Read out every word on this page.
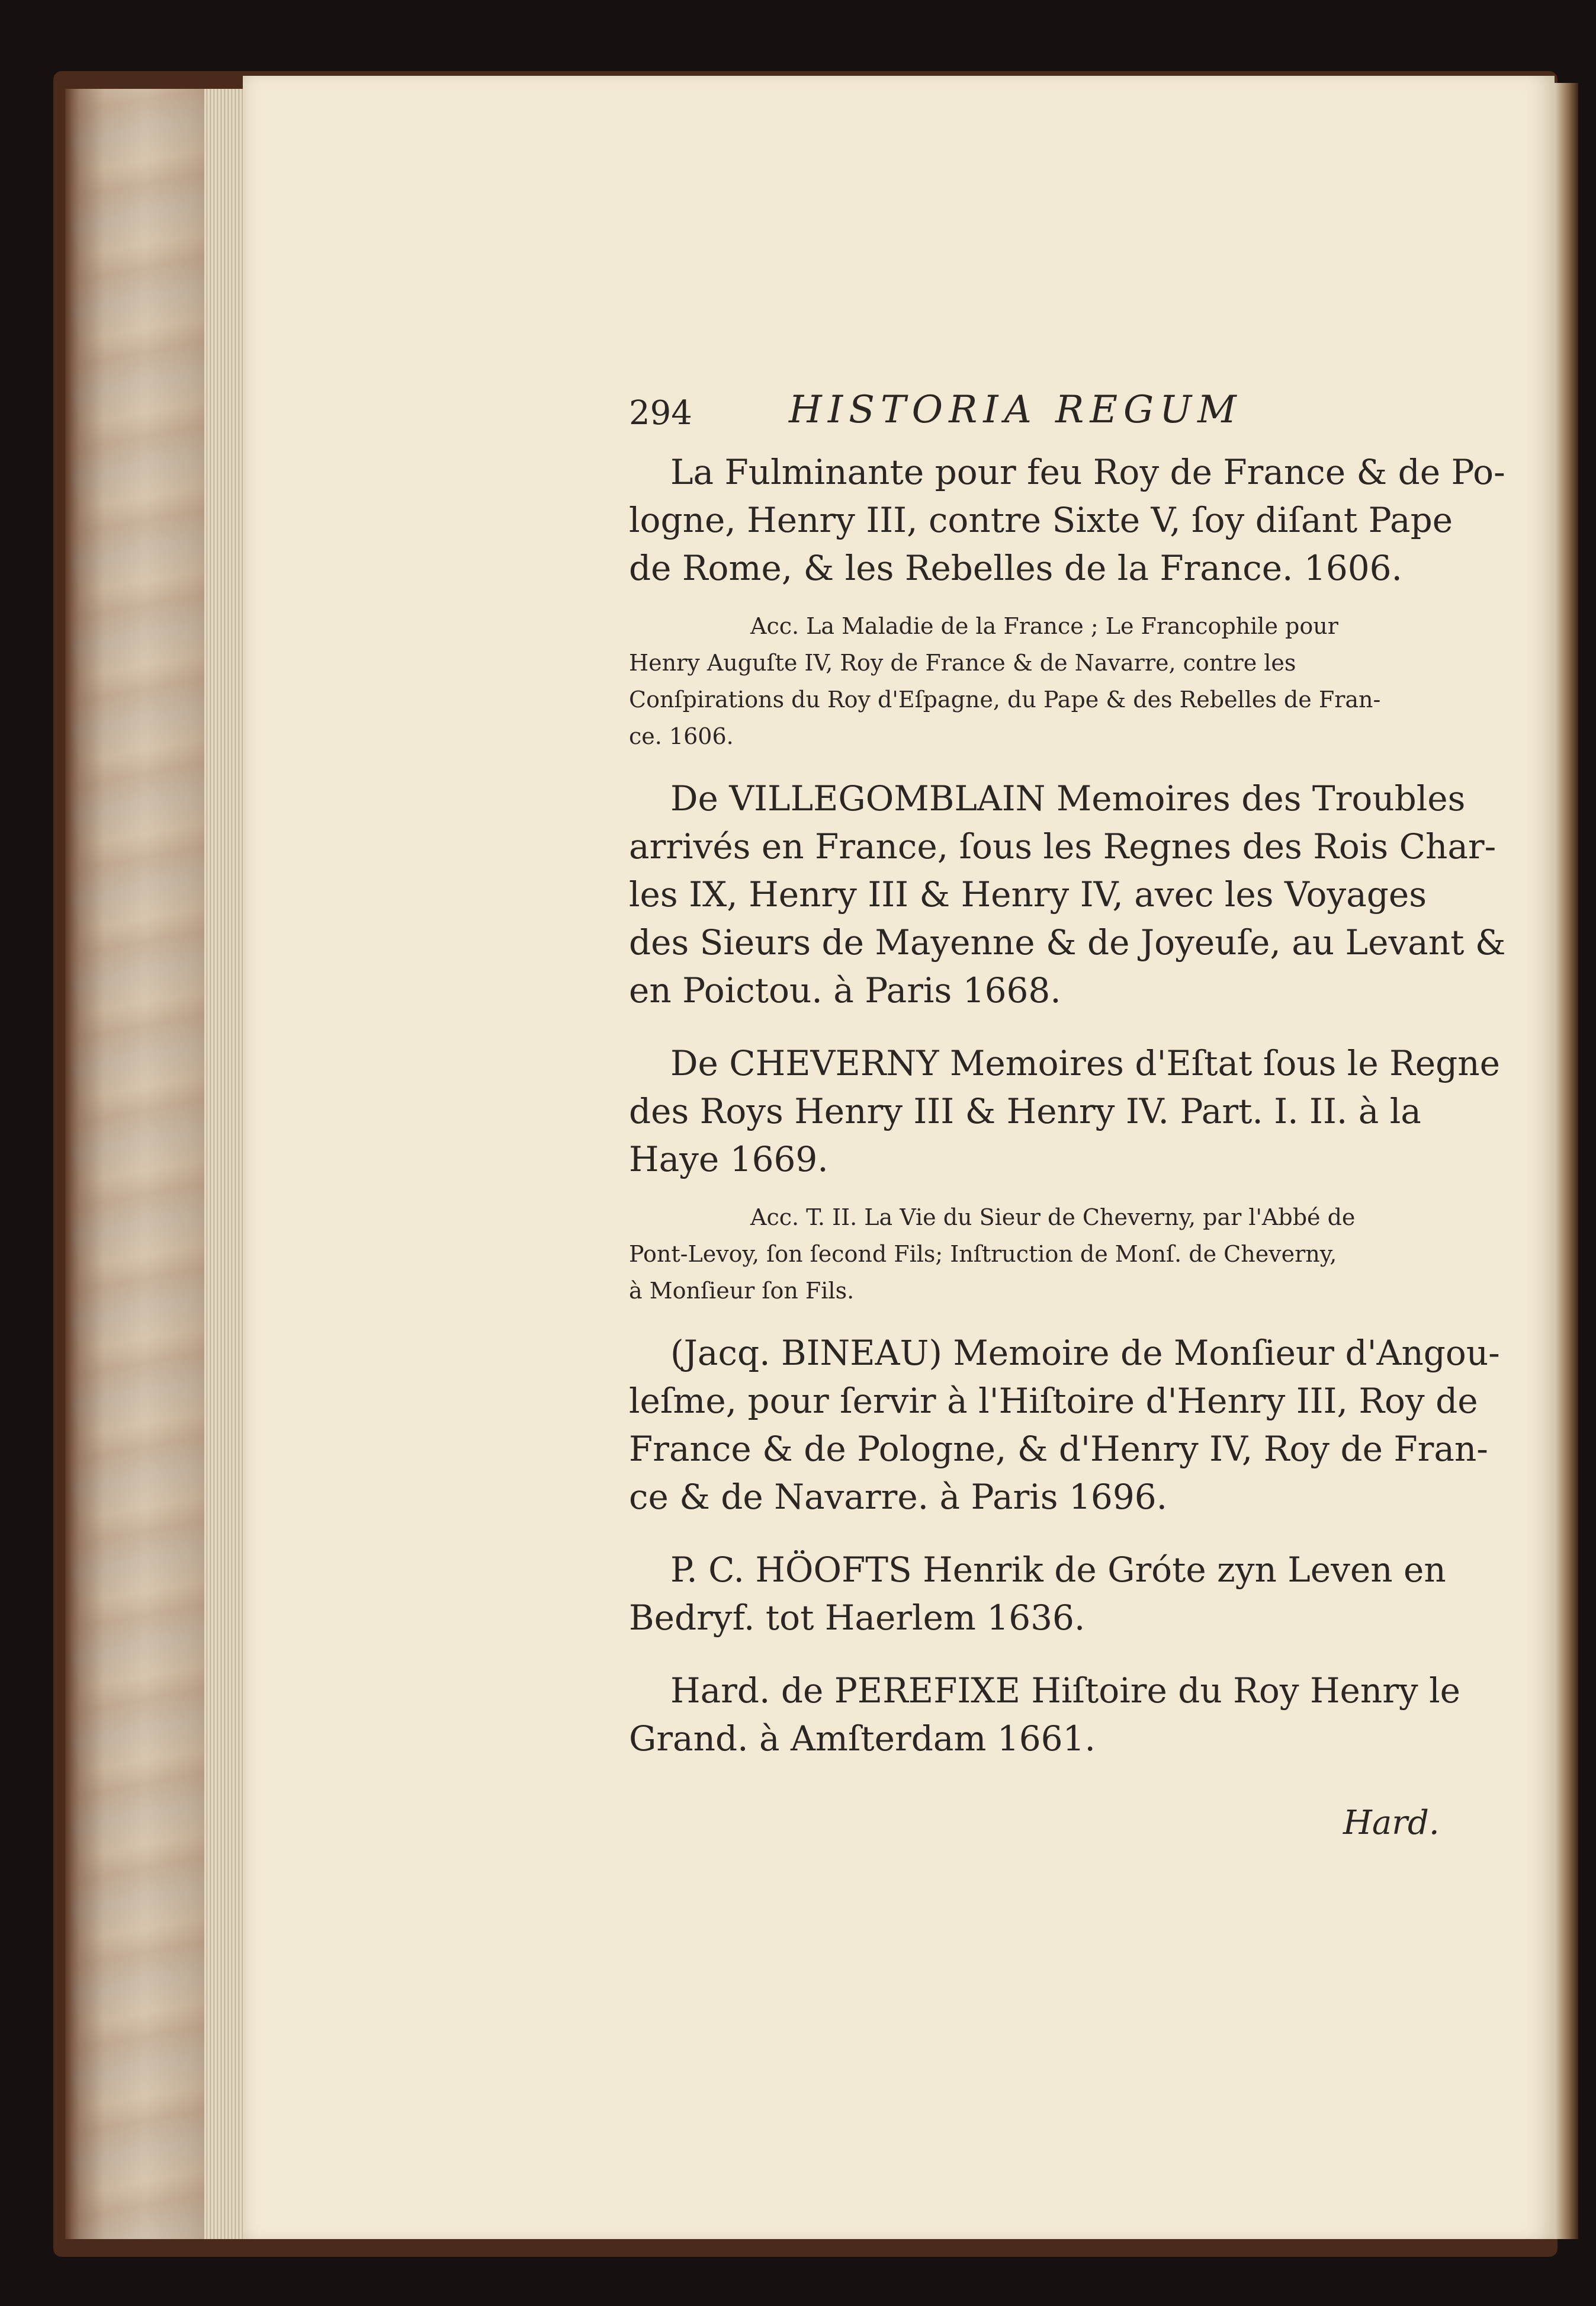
294	HISTORIA REGUM
La Fulminante pour feu Roy de France & de Po-
logne, Henry III, contre Sixte V, ſoy diſant Pape
de Rome, & les Rebelles de la France. 1606.
Acc. La Maladie de la France ; Le Francophile pour
Henry Auguſte IV, Roy de France & de Navarre, contre les
Conſpirations du Roy d'Eſpagne, du Pape & des Rebelles de Fran-
ce. 1606.
De VILLEGOMBLAIN Memoires des Troubles
arrivés en France, ſous les Regnes des Rois Char-
les IX, Henry III & Henry IV, avec les Voyages
des Sieurs de Mayenne & de Joyeuſe, au Levant &
en Poictou. à Paris 1668.
De CHEVERNY Memoires d'Eſtat ſous le Regne
des Roys Henry III & Henry IV. Part. I. II. à la
Haye 1669.
Acc. T. II. La Vie du Sieur de Cheverny, par l'Abbé de
Pont-Levoy, ſon ſecond Fils; Inſtruction de Monſ. de Cheverny,
à Monſieur ſon Fils.
(Jacq. BINEAU) Memoire de Monſieur d'Angou-
leſme, pour ſervir à l'Hiſtoire d'Henry III, Roy de
France & de Pologne, & d'Henry IV, Roy de Fran-
ce & de Navarre. à Paris 1696.
P. C. HÖOFTS Henrik de Gróte zyn Leven en
Bedryf. tot Haerlem 1636.
Hard. de PEREFIXE Hiſtoire du Roy Henry le
Grand. à Amſterdam 1661.
Hard.
